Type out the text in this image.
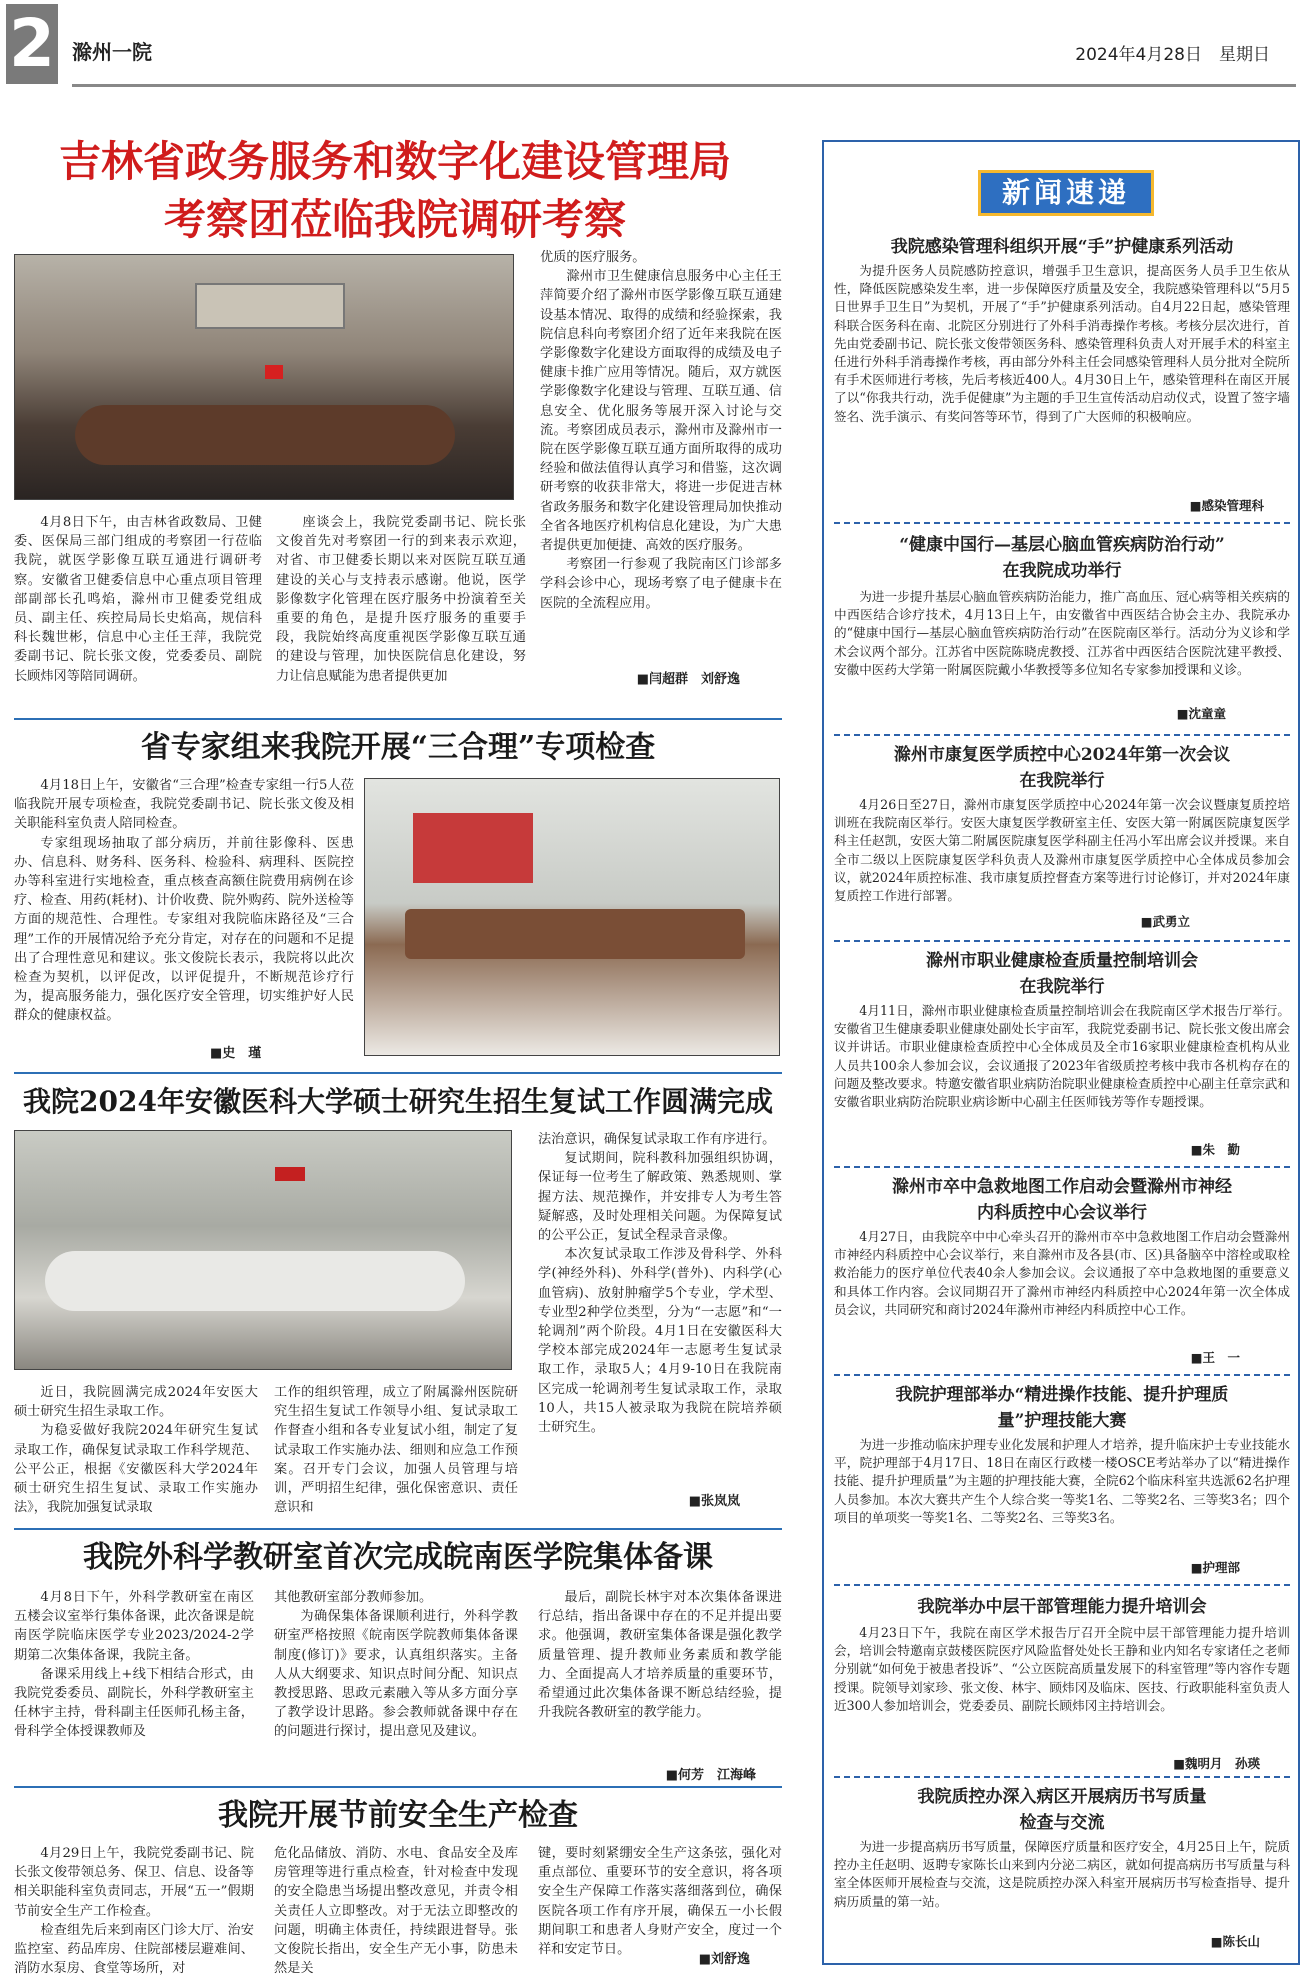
2 滁州一院	2024年4月28日　星期日
吉林省政务服务和数字化建设管理局
考察团莅临我院调研考察
优质的医疗服务。

滁州市卫生健康信息服务中心主任王萍简要介绍了滁州市医学影像互联互通建设基本情况、取得的成绩和经验探索，我院信息科向考察团介绍了近年来我院在医学影像数字化建设方面取得的成绩及电子健康卡推广应用等情况。随后，双方就医学影像数字化建设与管理、互联互通、信息安全、优化服务等展开深入讨论与交流。考察团成员表示，滁州市及滁州市一院在医学影像互联互通方面所取得的成功经验和做法值得认真学习和借鉴，这次调研考察的收获非常大，将进一步促进吉林省政务服务和数字化建设管理局加快推动全省各地医疗机构信息化建设，为广大患者提供更加便捷、高效的医疗服务。

考察团一行参观了我院南区门诊部多学科会诊中心，现场考察了电子健康卡在医院的全流程应用。

4月8日下午，由吉林省政数局、卫健委、医保局三部门组成的考察团一行莅临我院，就医学影像互联互通进行调研考察。安徽省卫健委信息中心重点项目管理部副部长孔鸣焰，滁州市卫健委党组成员、副主任、疾控局局长史焰高，规信科科长魏世彬，信息中心主任王萍，我院党委副书记、院长张文俊，党委委员、副院长顾炜冈等陪同调研。

座谈会上，我院党委副书记、院长张文俊首先对考察团一行的到来表示欢迎，对省、市卫健委长期以来对医院互联互通建设的关心与支持表示感谢。他说，医学影像数字化管理在医疗服务中扮演着至关重要的角色，是提升医疗服务的重要手段，我院始终高度重视医学影像互联互通的建设与管理，加快医院信息化建设，努力让信息赋能为患者提供更加	■闫超群　刘舒逸
省专家组来我院开展“三合理”专项检查

4月18日上午，安徽省“三合理”检查专家组一行5人莅临我院开展专项检查，我院党委副书记、院长张文俊及相关职能科室负责人陪同检查。

专家组现场抽取了部分病历，并前往影像科、医患办、信息科、财务科、医务科、检验科、病理科、医院控办等科室进行实地检查，重点核查高额住院费用病例在诊疗、检查、用药(耗材)、计价收费、院外购药、院外送检等方面的规范性、合理性。专家组对我院临床路径及“三合理”工作的开展情况给予充分肯定，对存在的问题和不足提出了合理性意见和建议。张文俊院长表示，我院将以此次检查为契机，以评促改，以评促提升，不断规范诊疗行为，提高服务能力，强化医疗安全管理，切实维护好人民群众的健康权益。

■史　瑾
我院2024年安徽医科大学硕士研究生招生复试工作圆满完成
法治意识，确保复试录取工作有序进行。

复试期间，院科教科加强组织协调，保证每一位考生了解政策、熟悉规则、掌握方法、规范操作，并安排专人为考生答疑解惑，及时处理相关问题。为保障复试的公平公正，复试全程录音录像。

本次复试录取工作涉及骨科学、外科学(神经外科)、外科学(普外)、内科学(心血管病)、放射肿瘤学5个专业，学术型、专业型2种学位类型，分为“一志愿”和“一轮调剂”两个阶段。4月1日在安徽医科大学校本部完成2024年一志愿考生复试录取工作，录取5人；4月9-10日在我院南区完成一轮调剂考生复试录取工作，录取10人，共15人被录取为我院在院培养硕士研究生。

近日，我院圆满完成2024年安医大硕士研究生招生录取工作。

为稳妥做好我院2024年研究生复试录取工作，确保复试录取工作科学规范、公平公正，根据《安徽医科大学2024年硕士研究生招生复试、录取工作实施办法》，我院加强复试录取

工作的组织管理，成立了附属滁州医院研究生招生复试工作领导小组、复试录取工作督查小组和各专业复试小组，制定了复试录取工作实施办法、细则和应急工作预案。召开专门会议，加强人员管理与培训，严明招生纪律，强化保密意识、责任意识和	■张岚岚
我院外科学教研室首次完成皖南医学院集体备课

4月8日下午，外科学教研室在南区五楼会议室举行集体备课，此次备课是皖南医学院临床医学专业2023/2024-2学期第二次集体备课，我院主备。

备课采用线上+线下相结合形式，由我院党委委员、副院长，外科学教研室主任林宇主持，骨科副主任医师孔杨主备，骨科学全体授课教师及

其他教研室部分教师参加。

为确保集体备课顺利进行，外科学教研室严格按照《皖南医学院教师集体备课制度(修订)》要求，认真组织落实。主备人从大纲要求、知识点时间分配、知识点教授思路、思政元素融入等从多方面分享了教学设计思路。参会教师就备课中存在的问题进行探讨，提出意见及建议。

最后，副院长林宇对本次集体备课进行总结，指出备课中存在的不足并提出要求。他强调，教研室集体备课是强化教学质量管理、提升教师业务素质和教学能力、全面提高人才培养质量的重要环节，希望通过此次集体备课不断总结经验，提升我院各教研室的教学能力。

■何芳　江海峰
我院开展节前安全生产检查

4月29日上午，我院党委副书记、院长张文俊带领总务、保卫、信息、设备等相关职能科室负责同志，开展“五一”假期节前安全生产工作检查。

检查组先后来到南区门诊大厅、治安监控室、药品库房、住院部楼层避难间、消防水泵房、食堂等场所，对

危化品储放、消防、水电、食品安全及库房管理等进行重点检查，针对检查中发现的安全隐患当场提出整改意见，并责令相关责任人立即整改。对于无法立即整改的问题，明确主体责任，持续跟进督导。张文俊院长指出，安全生产无小事，防患未然是关
键，要时刻紧绷安全生产这条弦，强化对重点部位、重要环节的安全意识，将各项安全生产保障工作落实落细落到位，确保医院各项工作有序开展，确保五一小长假期间职工和患者人身财产安全，度过一个祥和安定节日。
■刘舒逸
新闻速递
我院感染管理科组织开展“手”护健康系列活动

为提升医务人员院感防控意识，增强手卫生意识，提高医务人员手卫生依从性，降低医院感染发生率，进一步保障医疗质量及安全，我院感染管理科以“5月5日世界手卫生日”为契机，开展了“手”护健康系列活动。自4月22日起，感染管理科联合医务科在南、北院区分别进行了外科手消毒操作考核。考核分层次进行，首先由党委副书记、院长张文俊带领医务科、感染管理科负责人对开展手术的科室主任进行外科手消毒操作考核，再由部分外科主任会同感染管理科人员分批对全院所有手术医师进行考核，先后考核近400人。4月30日上午，感染管理科在南区开展了以“你我共行动，洗手促健康”为主题的手卫生宣传活动启动仪式，设置了签字墙签名、洗手演示、有奖问答等环节，得到了广大医师的积极响应。

■感染管理科
“健康中国行—基层心脑血管疾病防治行动”
在我院成功举行

为进一步提升基层心脑血管疾病防治能力，推广高血压、冠心病等相关疾病的中西医结合诊疗技术，4月13日上午，由安徽省中西医结合协会主办、我院承办的“健康中国行—基层心脑血管疾病防治行动”在医院南区举行。活动分为义诊和学术会议两个部分。江苏省中医院陈晓虎教授、江苏省中西医结合医院沈建平教授、安徽中医药大学第一附属医院戴小华教授等多位知名专家参加授课和义诊。

■沈童童
滁州市康复医学质控中心2024年第一次会议
在我院举行

4月26日至27日，滁州市康复医学质控中心2024年第一次会议暨康复质控培训班在我院南区举行。安医大康复医学教研室主任、安医大第一附属医院康复医学科主任赵凯，安医大第二附属医院康复医学科副主任冯小军出席会议并授课。来自全市二级以上医院康复医学科负责人及滁州市康复医学质控中心全体成员参加会议，就2024年质控标准、我市康复质控督查方案等进行讨论修订，并对2024年康复质控工作进行部署。

■武勇立
滁州市职业健康检查质量控制培训会
在我院举行

4月11日，滁州市职业健康检查质量控制培训会在我院南区学术报告厅举行。安徽省卫生健康委职业健康处副处长宇亩军，我院党委副书记、院长张文俊出席会议并讲话。市职业健康检查质控中心全体成员及全市16家职业健康检查机构从业人员共100余人参加会议，会议通报了2023年省级质控考核中我市各机构存在的问题及整改要求。特邀安徽省职业病防治院职业健康检查质控中心副主任章宗武和安徽省职业病防治院职业病诊断中心副主任医师钱芳等作专题授课。

■朱　勤
滁州市卒中急救地图工作启动会暨滁州市神经
内科质控中心会议举行

4月27日，由我院卒中中心牵头召开的滁州市卒中急救地图工作启动会暨滁州市神经内科质控中心会议举行，来自滁州市及各县(市、区)具备脑卒中溶栓或取栓救治能力的医疗单位代表40余人参加会议。会议通报了卒中急救地图的重要意义和具体工作内容。会议同期召开了滁州市神经内科质控中心2024年第一次全体成员会议，共同研究和商讨2024年滁州市神经内科质控中心工作。

■王　一
我院护理部举办“精进操作技能、提升护理质
量”护理技能大赛

为进一步推动临床护理专业化发展和护理人才培养，提升临床护士专业技能水平，院护理部于4月17日、18日在南区行政楼一楼OSCE考站举办了以“精进操作技能、提升护理质量”为主题的护理技能大赛，全院62个临床科室共选派62名护理人员参加。本次大赛共产生个人综合奖一等奖1名、二等奖2名、三等奖3名；四个项目的单项奖一等奖1名、二等奖2名、三等奖3名。

■护理部
我院举办中层干部管理能力提升培训会

4月23日下午，我院在南区学术报告厅召开全院中层干部管理能力提升培训会，培训会特邀南京鼓楼医院医疗风险监督处处长王静和业内知名专家诸任之老师分别就“如何免于被患者投诉”、“公立医院高质量发展下的科室管理”等内容作专题授课。院领导刘家珍、张文俊、林宇、顾炜冈及临床、医技、行政职能科室负责人近300人参加培训会，党委委员、副院长顾炜冈主持培训会。

■魏明月　孙瑛
我院质控办深入病区开展病历书写质量
检查与交流

为进一步提高病历书写质量，保障医疗质量和医疗安全，4月25日上午，院质控办主任赵明、返聘专家陈长山来到内分泌二病区，就如何提高病历书写质量与科室全体医师开展检查与交流，这是院质控办深入科室开展病历书写检查指导、提升病历质量的第一站。

■陈长山
